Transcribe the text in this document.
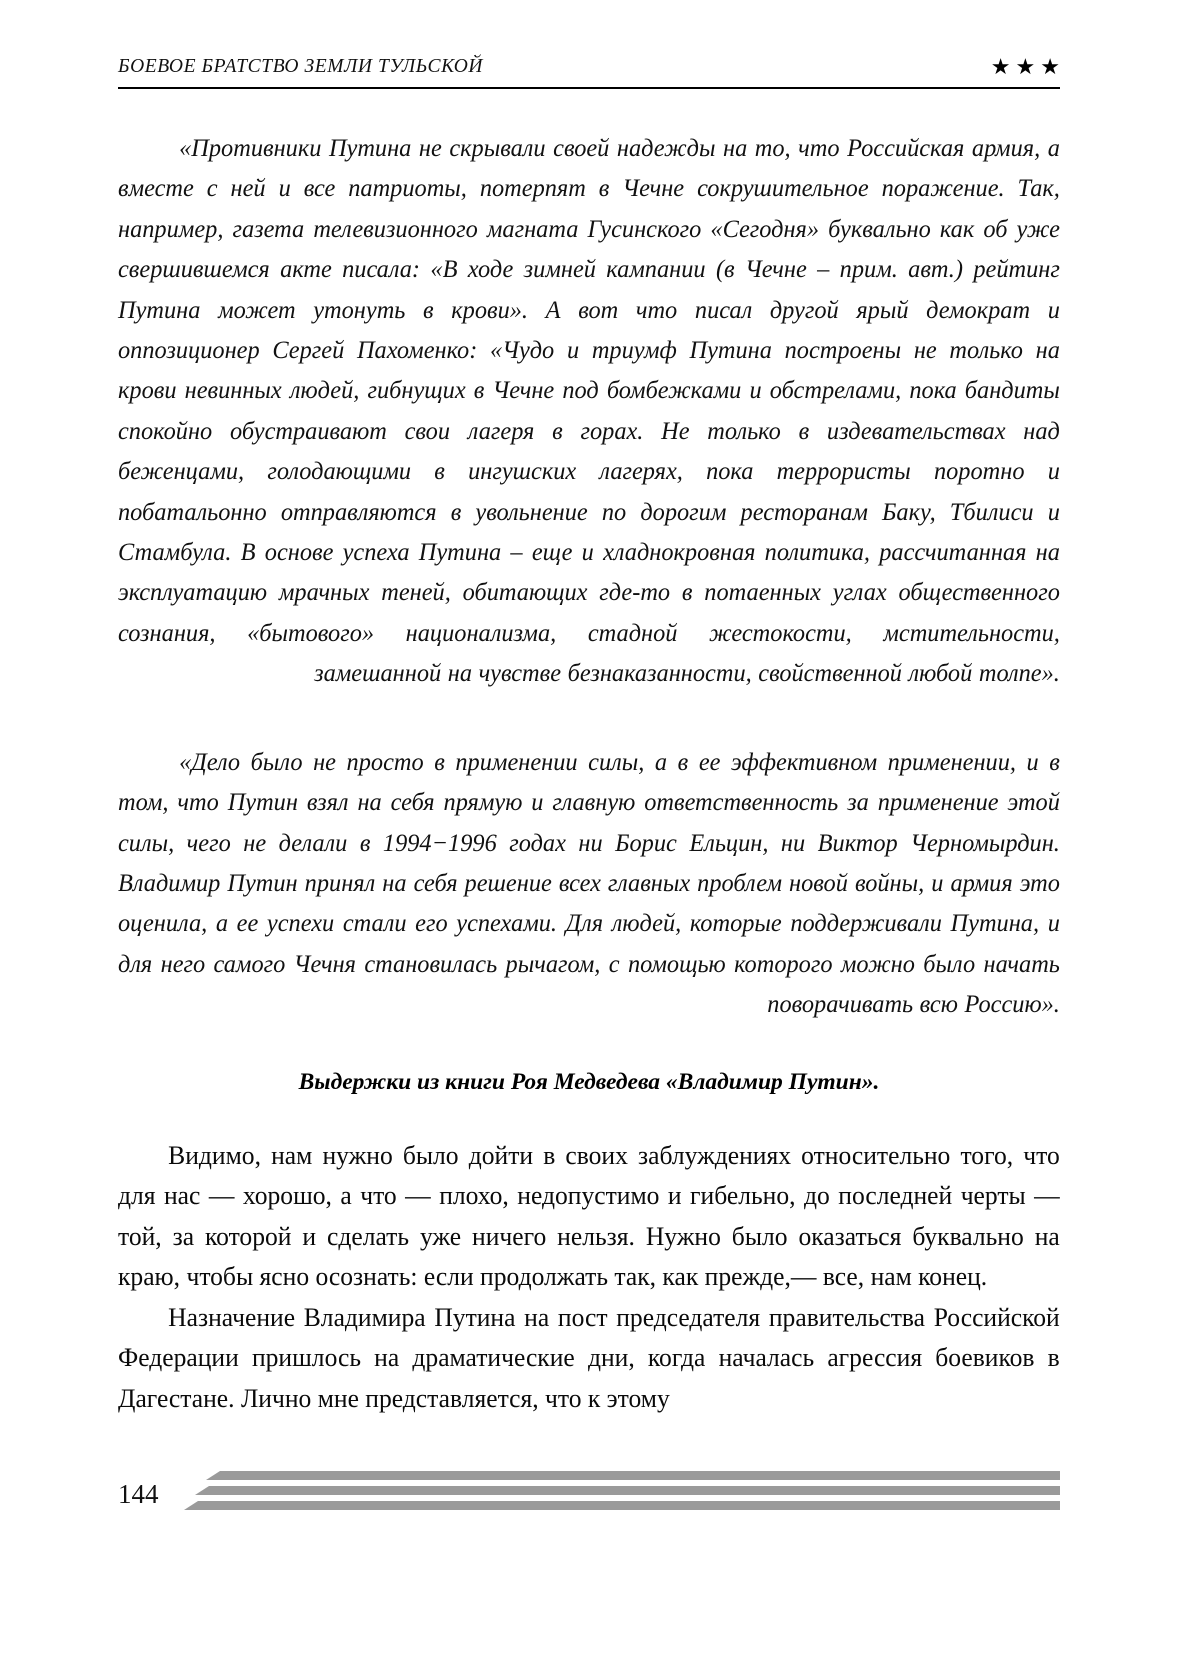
БОЕВОЕ БРАТСТВО ЗЕМЛИ ТУЛЬСКОЙ	★ ★ ★

«Противники Путина не скрывали своей надежды на то, что Российская армия, а вместе с ней и все патриоты, потерпят в Чечне сокрушительное поражение. Так, например, газета телевизионного магната Гусинского «Сегодня» буквально как об уже свершившемся акте писала: «В ходе зимней кампании (в Чечне – прим. авт.) рейтинг Путина может утонуть в крови». А вот что писал другой ярый демократ и оппозиционер Сергей Пахоменко: «Чудо и триумф Путина построены не только на крови невинных людей, гибнущих в Чечне под бомбежками и обстрелами, пока бандиты спокойно обустраивают свои лагеря в горах. Не только в издевательствах над беженцами, голодающими в ингушских лагерях, пока террористы поротно и побатальонно отправляются в увольнение по дорогим ресторанам Баку, Тбилиси и Стамбула. В основе успеха Путина – еще и хладнокровная политика, рассчитанная на эксплуатацию мрачных теней, обитающих где-то в потаенных углах общественного сознания, «бытового» национализма, стадной жестокости, мстительности, замешанной на чувстве безнаказанности, свойственной любой толпе».

«Дело было не просто в применении силы, а в ее эффективном применении, и в том, что Путин взял на себя прямую и главную ответственность за применение этой силы, чего не делали в 1994−1996 годах ни Борис Ельцин, ни Виктор Черномырдин. Владимир Путин принял на себя решение всех главных проблем новой войны, и армия это оценила, а ее успехи стали его успехами. Для людей, которые поддерживали Путина, и для него самого Чечня становилась рычагом, с помощью которого можно было начать поворачивать всю Россию».

Выдержки из книги Роя Медведева «Владимир Путин».

Видимо, нам нужно было дойти в своих заблуждениях относительно того, что для нас — хорошо, а что — плохо, недопустимо и гибельно, до последней черты — той, за которой и сделать уже ничего нельзя. Нужно было оказаться буквально на краю, чтобы ясно осознать: если продолжать так, как прежде,— все, нам конец.

Назначение Владимира Путина на пост председателя правительства Российской Федерации пришлось на драматические дни, когда началась агрессия боевиков в Дагестане. Лично мне представляется, что к этому

144
